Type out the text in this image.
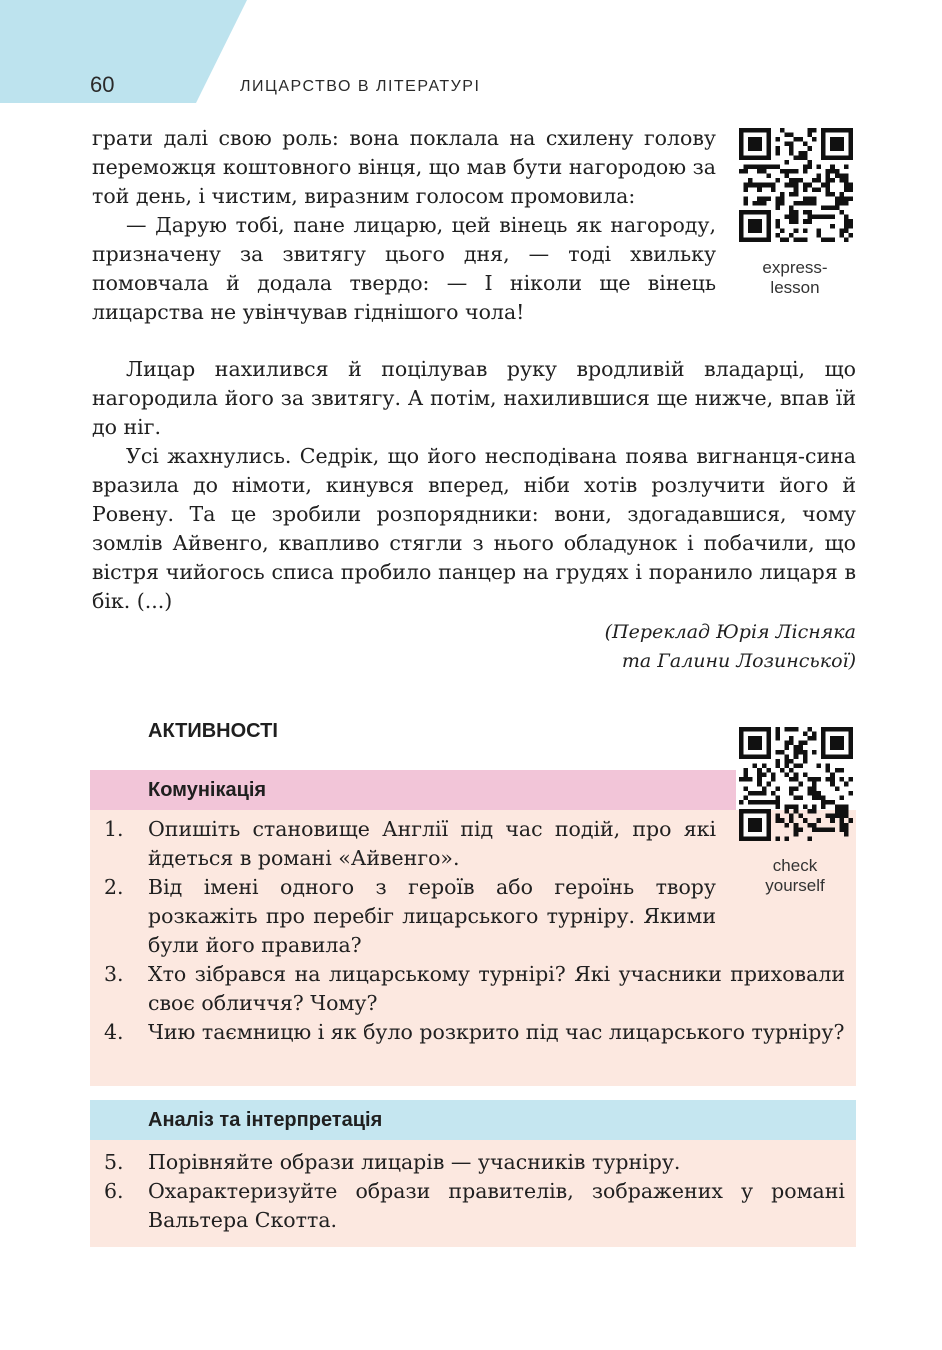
60	ЛИЦАРСТВО В ЛІТЕРАТУРІ

грати далі свою роль: вона поклала на схилену голову переможця коштовного вінця, що мав бути нагородою за той день, і чистим, виразним голосом промовила:

— Дарую тобі, пане лицарю, цей вінець як нагороду, призначену за звитягу цього дня, — тоді хвильку помовчала й додала твердо: — І ніколи ще вінець лицарства не увінчував гіднішого чола!

Лицар нахилився й поцілував руку вродливій владарці, що нагородила його за звитягу. А потім, нахилившися ще нижче, впав їй до ніг.

Усі жахнулись. Седрік, що його несподівана поява вигнанця-сина вразила до німоти, кинувся вперед, ніби хотів розлучити його й Ровену. Та це зробили розпорядники: вони, здогадавшися, чому зомлів Айвенго, квапливо стягли з нього обладунок і побачили, що вістря чийогось списа пробило панцер на грудях і поранило лицаря в бік. (...)

(Переклад Юрія Лісняка
та Галини Лозинської)
express-
lesson
АКТИВНОСТІ
Комунікація
check
yourself
1. Опишіть становище Англії під час подій, про які йдеться в романі «Айвенго».
2. Від імені одного з героїв або героїнь твору розкажіть про перебіг лицарського турніру. Якими були його правила?
3. Хто зібрався на лицарському турнірі? Які учасники приховали своє обличчя? Чому?
4. Чию таємницю і як було розкрито під час лицарського турніру?
Аналіз та інтерпретація
5. Порівняйте образи лицарів — учасників турніру.
6. Охарактеризуйте образи правителів, зображених у романі Вальтера Скотта.
